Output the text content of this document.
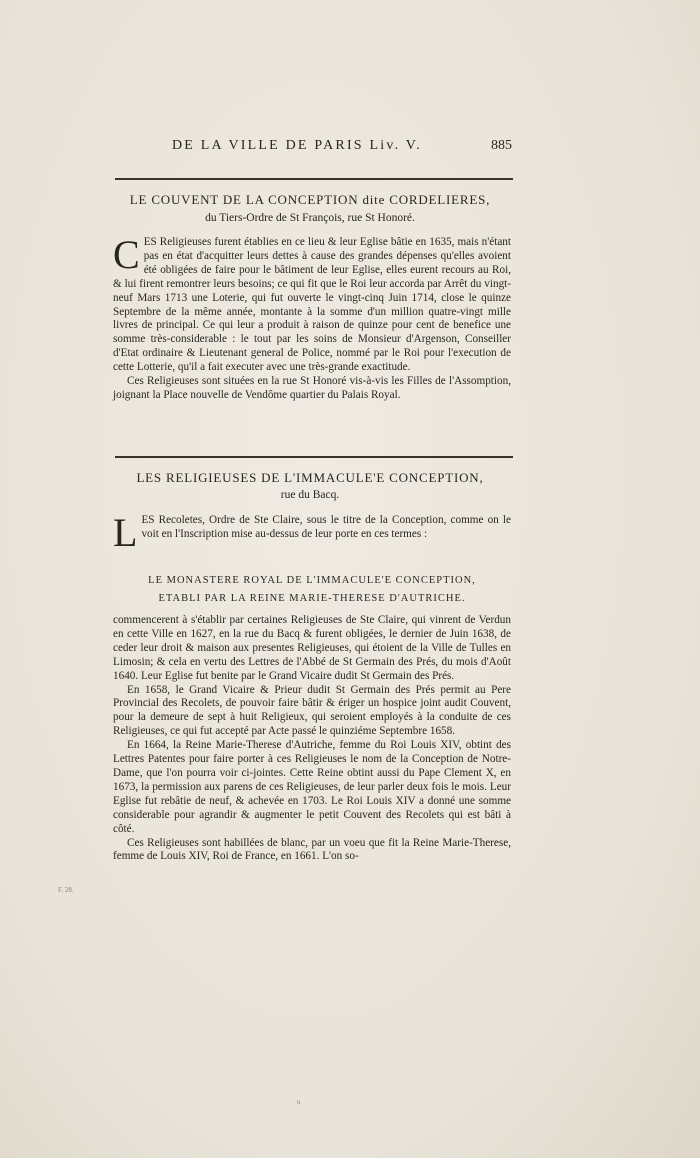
DE LA VILLE DE PARIS Liv. V.	885
LE COUVENT DE LA CONCEPTION dite CORDELIERES,
du Tiers-Ordre de St François, rue St Honoré.

CES Religieuses furent établies en ce lieu & leur Eglise bâtie en 1635, mais n'étant pas en état d'acquitter leurs dettes à cause des grandes dépenses qu'elles avoient été obligées de faire pour le bâtiment de leur Eglise, elles eurent recours au Roi, & lui firent remontrer leurs besoins; ce qui fit que le Roi leur accorda par Arrêt du vingt-neuf Mars 1713 une Loterie, qui fut ouverte le vingt-cinq Juin 1714, close le quinze Septembre de la même année, montante à la somme d'un million quatre-vingt mille livres de principal. Ce qui leur a produit à raison de quinze pour cent de benefice une somme très-considerable : le tout par les soins de Monsieur d'Argenson, Conseiller d'Etat ordinaire & Lieutenant general de Police, nommé par le Roi pour l'execution de cette Lotterie, qu'il a fait executer avec une très-grande exactitude.

Ces Religieuses sont situées en la rue St Honoré vis-à-vis les Filles de l'Assomption, joignant la Place nouvelle de Vendôme quartier du Palais Royal.

LES RELIGIEUSES DE L'IMMACULE'E CONCEPTION,
rue du Bacq.

LES Recoletes, Ordre de Ste Claire, sous le titre de la Conception, comme on le voit en l'Inscription mise au-dessus de leur porte en ces termes :

LE MONASTERE ROYAL DE L'IMMACULE'E CONCEPTION,
ETABLI PAR LA REINE MARIE-THERESE D'AUTRICHE.

commencerent à s'établir par certaines Religieuses de Ste Claire, qui vinrent de Verdun en cette Ville en 1627, en la rue du Bacq & furent obligées, le dernier de Juin 1638, de ceder leur droit & maison aux presentes Religieuses, qui étoient de la Ville de Tulles en Limosin; & cela en vertu des Lettres de l'Abbé de St Germain des Prés, du mois d'Août 1640. Leur Eglise fut benite par le Grand Vicaire dudit St Germain des Prés.

En 1658, le Grand Vicaire & Prieur dudit St Germain des Prés permit au Pere Provincial des Recolets, de pouvoir faire bâtir & ériger un hospice joint audit Couvent, pour la demeure de sept à huit Religieux, qui seroient employés à la conduite de ces Religieuses, ce qui fut accepté par Acte passé le quinziéme Septembre 1658.

En 1664, la Reine Marie-Therese d'Autriche, femme du Roi Louis XIV, obtint des Lettres Patentes pour faire porter à ces Religieuses le nom de la Conception de Notre-Dame, que l'on pourra voir ci-jointes. Cette Reine obtint aussi du Pape Clement X, en 1673, la permission aux parens de ces Religieuses, de leur parler deux fois le mois. Leur Eglise fut rebâtie de neuf, & achevée en 1703. Le Roi Louis XIV a donné une somme considerable pour agrandir & augmenter le petit Couvent des Recolets qui est bâti à côté.

Ces Religieuses sont habillées de blanc, par un voeu que fit la Reine Marie-Therese, femme de Louis XIV, Roi de France, en 1661. L'on so-

F. 28.
u
